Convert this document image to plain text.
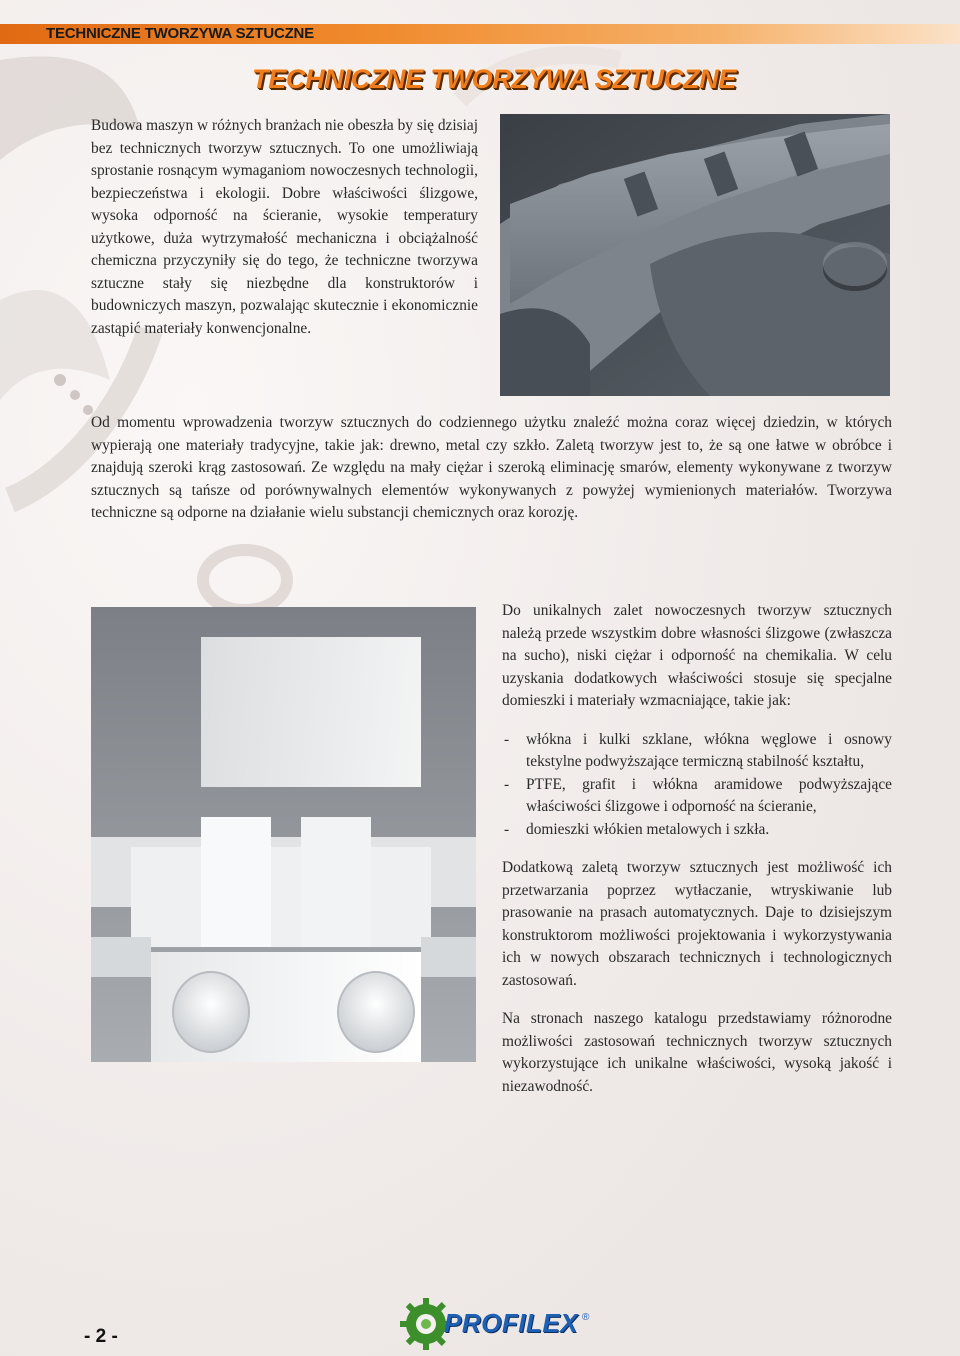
TECHNICZNE TWORZYWA SZTUCZNE
TECHNICZNE TWORZYWA SZTUCZNE
Budowa maszyn w różnych branżach nie obeszła by się dzisiaj bez technicznych tworzyw sztucznych. To one umożliwiają sprostanie rosnącym wymaganiom nowoczesnych technologii, bezpieczeństwa i ekologii. Dobre właściwości ślizgowe, wysoka odporność na ścieranie, wysokie temperatury użytkowe, duża wytrzymałość mechaniczna i obciążalność chemiczna przyczyniły się do tego, że techniczne tworzywa sztuczne stały się niezbędne dla konstruktorów i budowniczych maszyn, pozwalając skutecznie i ekonomicznie zastąpić materiały konwencjonalne.
Od momentu wprowadzenia tworzyw sztucznych do codziennego użytku znaleźć można coraz więcej dziedzin, w których wypierają one materiały tradycyjne, takie jak: drewno, metal czy szkło. Zaletą tworzyw jest to, że są one łatwe w obróbce i znajdują szeroki krąg zastosowań. Ze względu na mały ciężar i szeroką eliminację smarów, elementy wykonywane z tworzyw sztucznych są tańsze od porównywalnych elementów wykonywanych z powyżej wymienionych materiałów. Tworzywa techniczne są odporne na działanie wielu substancji chemicznych oraz korozję.

Do unikalnych zalet nowoczesnych tworzyw sztucznych należą przede wszystkim dobre własności ślizgowe (zwłaszcza na sucho), niski ciężar i odporność na chemikalia. W celu uzyskania dodatkowych właściwości stosuje się specjalne domieszki i materiały wzmacniające, takie jak:

- włókna i kulki szklane, włókna węglowe i osnowy tekstylne podwyższające termiczną stabilność kształtu,
- PTFE, grafit i włókna aramidowe podwyższające właściwości ślizgowe i odporność na ścieranie,
- domieszki włókien metalowych i szkła.

Dodatkową zaletą tworzyw sztucznych jest możliwość ich przetwarzania poprzez wytłaczanie, wtryskiwanie lub prasowanie na prasach automatycznych. Daje to dzisiejszym konstruktorom możliwości projektowania i wykorzystywania ich w nowych obszarach technicznych i technologicznych zastosowań.

Na stronach naszego katalogu przedstawiamy różnorodne możliwości zastosowań technicznych tworzyw sztucznych wykorzystujące ich unikalne właściwości, wysoką jakość i niezawodność.

- 2 -	PROFILEX ®
